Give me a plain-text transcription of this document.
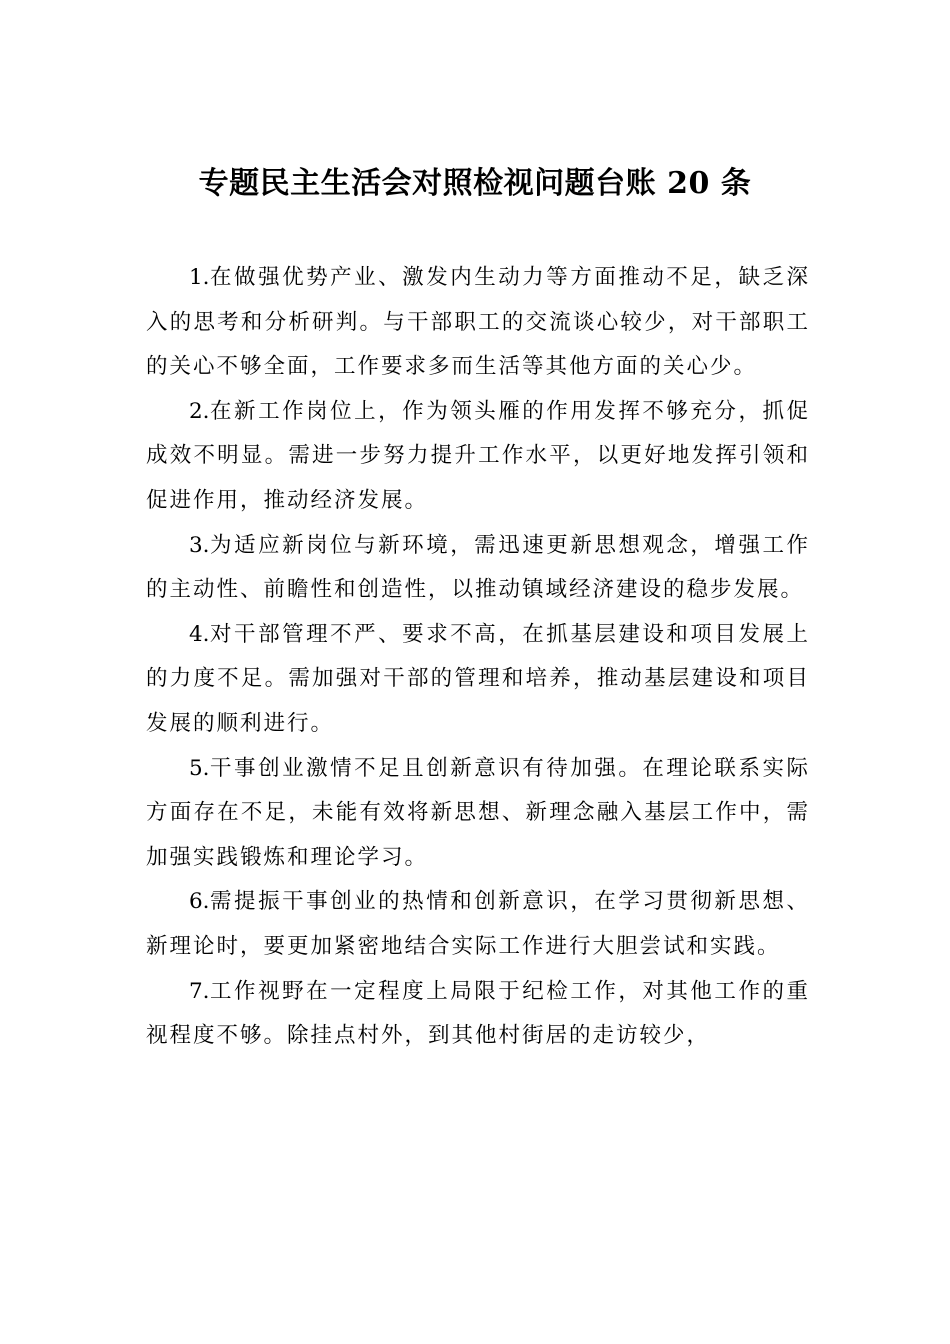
专题民主生活会对照检视问题台账 20 条

1.在做强优势产业、激发内生动力等方面推动不足，缺乏深入的思考和分析研判。与干部职工的交流谈心较少，对干部职工的关心不够全面，工作要求多而生活等其他方面的关心少。

2.在新工作岗位上，作为领头雁的作用发挥不够充分，抓促成效不明显。需进一步努力提升工作水平，以更好地发挥引领和促进作用，推动经济发展。

3.为适应新岗位与新环境，需迅速更新思想观念，增强工作的主动性、前瞻性和创造性，以推动镇域经济建设的稳步发展。

4.对干部管理不严、要求不高，在抓基层建设和项目发展上的力度不足。需加强对干部的管理和培养，推动基层建设和项目发展的顺利进行。

5.干事创业激情不足且创新意识有待加强。在理论联系实际方面存在不足，未能有效将新思想、新理念融入基层工作中，需加强实践锻炼和理论学习。

6.需提振干事创业的热情和创新意识，在学习贯彻新思想、新理论时，要更加紧密地结合实际工作进行大胆尝试和实践。

7.工作视野在一定程度上局限于纪检工作，对其他工作的重视程度不够。除挂点村外，到其他村街居的走访较少，
